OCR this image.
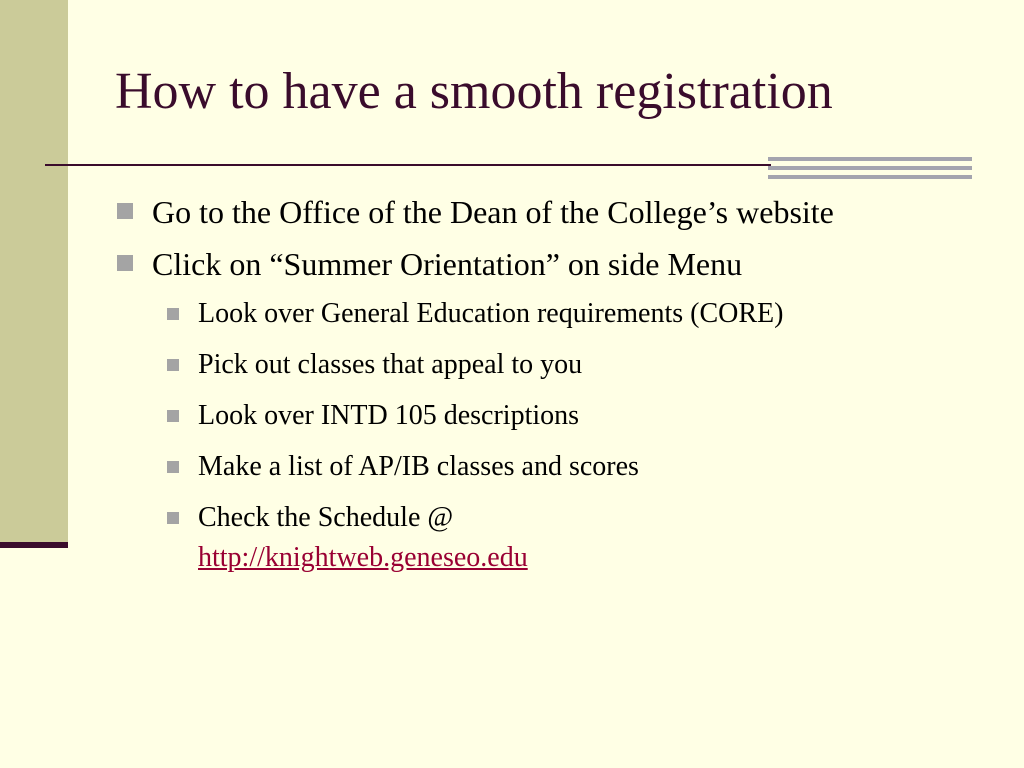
How to have a smooth registration
Go to the Office of the Dean of the College’s website
Click on “Summer Orientation” on side Menu
Look over General Education requirements (CORE)
Pick out classes that appeal to you
Look over INTD 105 descriptions
Make a list of AP/IB classes and scores
Check the Schedule @
http://knightweb.geneseo.edu
